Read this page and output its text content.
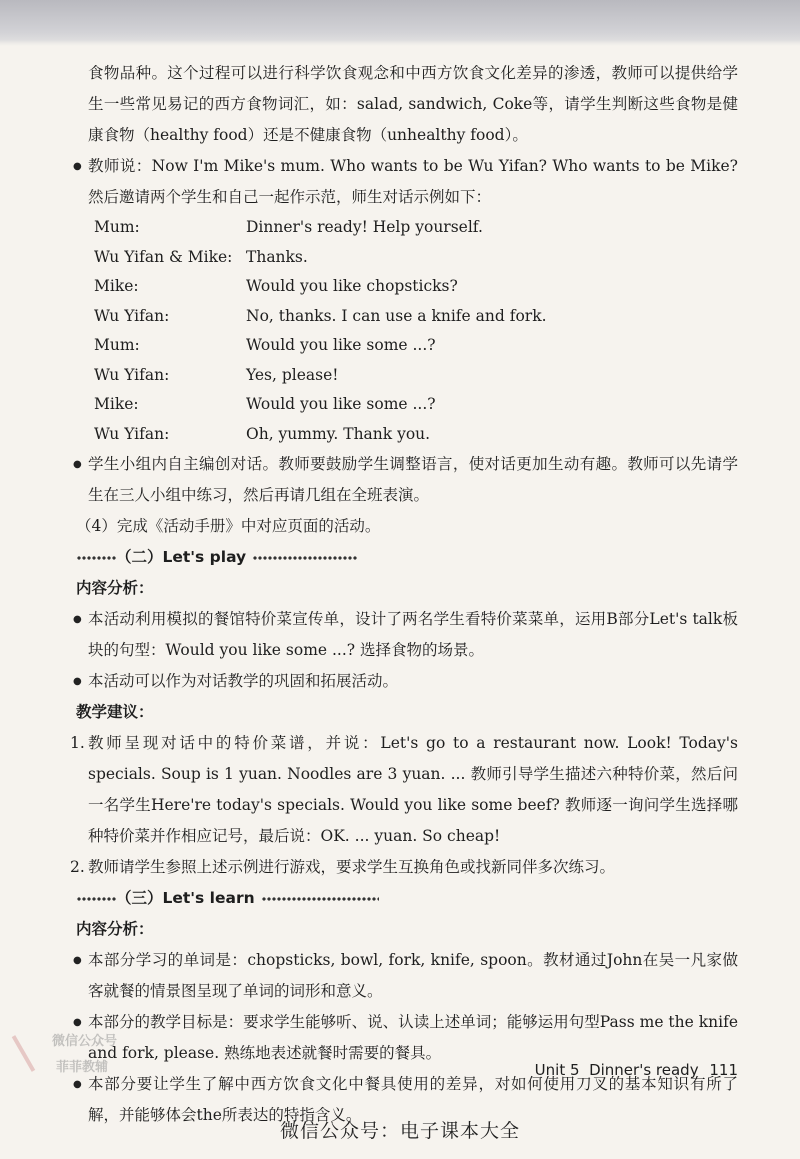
食物品种。这个过程可以进行科学饮食观念和中西方饮食文化差异的渗透，教师可以提供给学生一些常见易记的西方食物词汇，如：salad, sandwich, Coke等，请学生判断这些食物是健康食物（healthy food）还是不健康食物（unhealthy food）。

● 教师说：Now I'm Mike's mum. Who wants to be Wu Yifan? Who wants to be Mike? 然后邀请两个学生和自己一起作示范，师生对话示例如下：

Mum:	Dinner's ready! Help yourself.
Wu Yifan & Mike: Thanks.
Mike:	Would you like chopsticks?
Wu Yifan:	No, thanks. I can use a knife and fork.
Mum:	Would you like some ...?
Wu Yifan:	Yes, please!
Mike:	Would you like some ...?
Wu Yifan:	Oh, yummy. Thank you.

● 学生小组内自主编创对话。教师要鼓励学生调整语言，使对话更加生动有趣。教师可以先请学生在三人小组中练习，然后再请几组在全班表演。

（4）完成《活动手册》中对应页面的活动。

（二）Let's play

内容分析：

● 本活动利用模拟的餐馆特价菜宣传单，设计了两名学生看特价菜菜单，运用B部分Let's talk板块的句型：Would you like some ...? 选择食物的场景。

● 本活动可以作为对话教学的巩固和拓展活动。

教学建议：

1. 教师呈现对话中的特价菜谱，并说：Let's go to a restaurant now. Look! Today's specials. Soup is 1 yuan. Noodles are 3 yuan. ... 教师引导学生描述六种特价菜，然后问一名学生Here're today's specials. Would you like some beef? 教师逐一询问学生选择哪种特价菜并作相应记号，最后说：OK. ... yuan. So cheap!

2. 教师请学生参照上述示例进行游戏，要求学生互换角色或找新同伴多次练习。

（三）Let's learn

内容分析：

● 本部分学习的单词是：chopsticks, bowl, fork, knife, spoon。教材通过John在吴一凡家做客就餐的情景图呈现了单词的词形和意义。

● 本部分的教学目标是：要求学生能够听、说、认读上述单词；能够运用句型Pass me the knife and fork, please. 熟练地表述就餐时需要的餐具。

● 本部分要让学生了解中西方饮食文化中餐具使用的差异，对如何使用刀叉的基本知识有所了解，并能够体会the所表达的特指含义。

微信公众号
菲菲教辅	Unit 5 Dinner's ready 111
微信公众号：电子课本大全
